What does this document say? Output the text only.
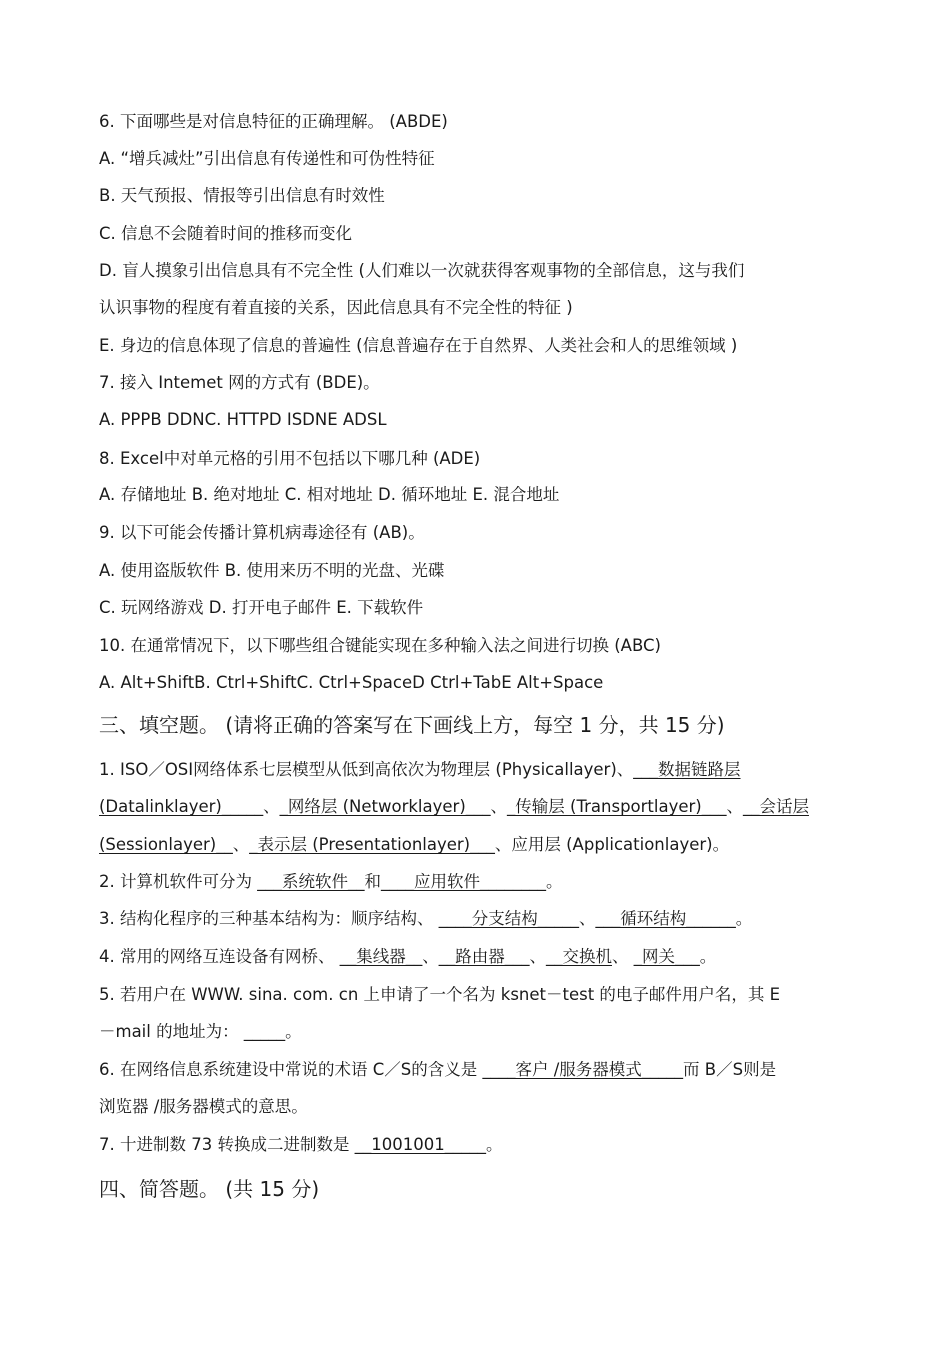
6. 下面哪些是对信息特征的正确理解。 (ABDE)
A. “增兵减灶”引出信息有传递性和可伪性特征
B. 天气预报、情报等引出信息有时效性
C. 信息不会随着时间的推移而变化
D. 盲人摸象引出信息具有不完全性 (人们难以一次就获得客观事物的全部信息，这与我们
认识事物的程度有着直接的关系，因此信息具有不完全性的特征 )
E. 身边的信息体现了信息的普遍性 (信息普遍存在于自然界、人类社会和人的思维领域 )
7. 接入 Intemet 网的方式有 (BDE)。
A. PPPB DDNC. HTTPD ISDNE ADSL
8. Excel中对单元格的引用不包括以下哪几种 (ADE)
A. 存储地址 B. 绝对地址 C. 相对地址 D. 循环地址 E. 混合地址
9. 以下可能会传播计算机病毒途径有 (AB)。
A. 使用盗版软件 B. 使用来历不明的光盘、光碟
C. 玩网络游戏 D. 打开电子邮件 E. 下载软件
10. 在通常情况下，以下哪些组合键能实现在多种输入法之间进行切换 (ABC)
A. Alt+ShiftB. Ctrl+ShiftC. Ctrl+SpaceD Ctrl+TabE Alt+Space
三、填空题。 (请将正确的答案写在下画线上方，每空 1 分，共 15 分)
1. ISO／OSI网络体系七层模型从低到高依次为物理层 (Physicallayer)、___数据链路层
(Datalinklayer)_____、_网络层 (Networklayer)___、_传输层 (Transportlayer)___、__会话层
(Sessionlayer)__、_表示层 (Presentationlayer)___、应用层 (Applicationlayer)。
2. 计算机软件可分为 ___系统软件__和____应用软件________。
3. 结构化程序的三种基本结构为：顺序结构、 ____分支结构_____、___循环结构______。
4. 常用的网络互连设备有网桥、 __集线器__、__路由器___、__交换机、 _网关___。
5. 若用户在 WWW. sina. com. cn 上申请了一个名为 ksnet－test 的电子邮件用户名，其 E
－mail 的地址为： _____。
6. 在网络信息系统建设中常说的术语 C／S的含义是 ____客户 /服务器模式_____而 B／S则是
浏览器 /服务器模式的意思。
7. 十进制数 73 转换成二进制数是 __1001001_____。
四、简答题。 (共 15 分)
